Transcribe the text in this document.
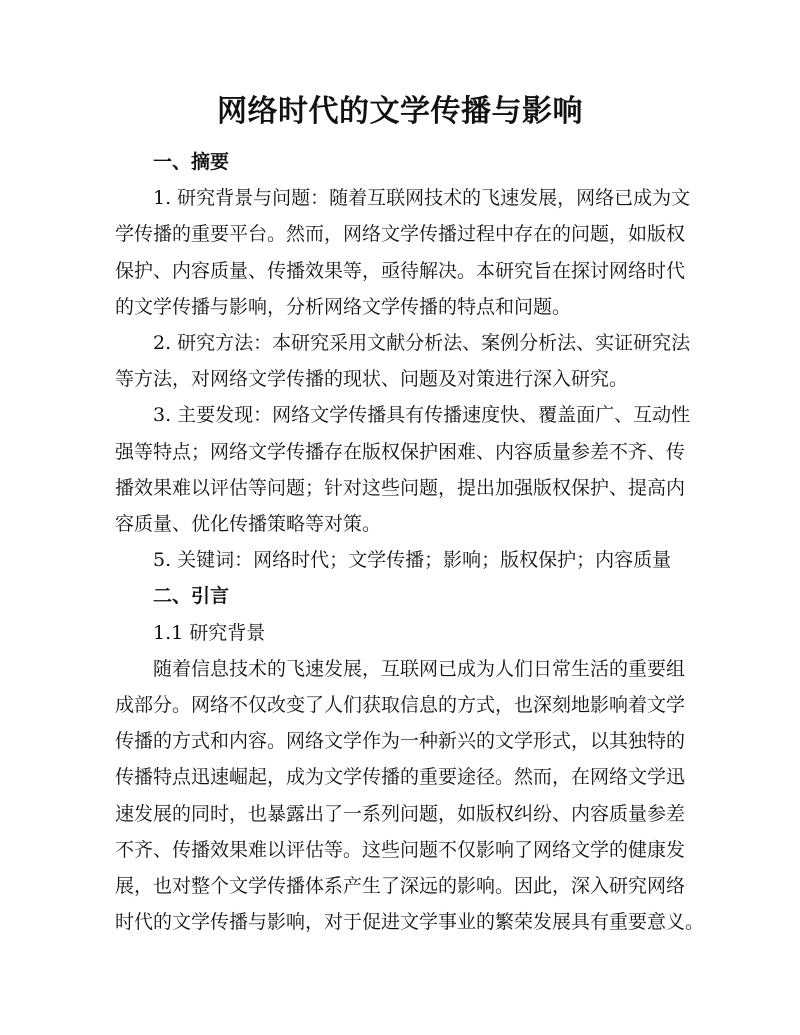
网络时代的文学传播与影响

一、摘要

1. 研究背景与问题：随着互联网技术的飞速发展，网络已成为文
学传播的重要平台。然而，网络文学传播过程中存在的问题，如版权
保护、内容质量、传播效果等，亟待解决。本研究旨在探讨网络时代
的文学传播与影响，分析网络文学传播的特点和问题。

2. 研究方法：本研究采用文献分析法、案例分析法、实证研究法
等方法，对网络文学传播的现状、问题及对策进行深入研究。

3. 主要发现：网络文学传播具有传播速度快、覆盖面广、互动性
强等特点；网络文学传播存在版权保护困难、内容质量参差不齐、传
播效果难以评估等问题；针对这些问题，提出加强版权保护、提高内
容质量、优化传播策略等对策。

5. 关键词：网络时代；文学传播；影响；版权保护；内容质量

二、引言

1.1 研究背景

随着信息技术的飞速发展，互联网已成为人们日常生活的重要组
成部分。网络不仅改变了人们获取信息的方式，也深刻地影响着文学
传播的方式和内容。网络文学作为一种新兴的文学形式，以其独特的
传播特点迅速崛起，成为文学传播的重要途径。然而，在网络文学迅
速发展的同时，也暴露出了一系列问题，如版权纠纷、内容质量参差
不齐、传播效果难以评估等。这些问题不仅影响了网络文学的健康发
展，也对整个文学传播体系产生了深远的影响。因此，深入研究网络
时代的文学传播与影响，对于促进文学事业的繁荣发展具有重要意义。
